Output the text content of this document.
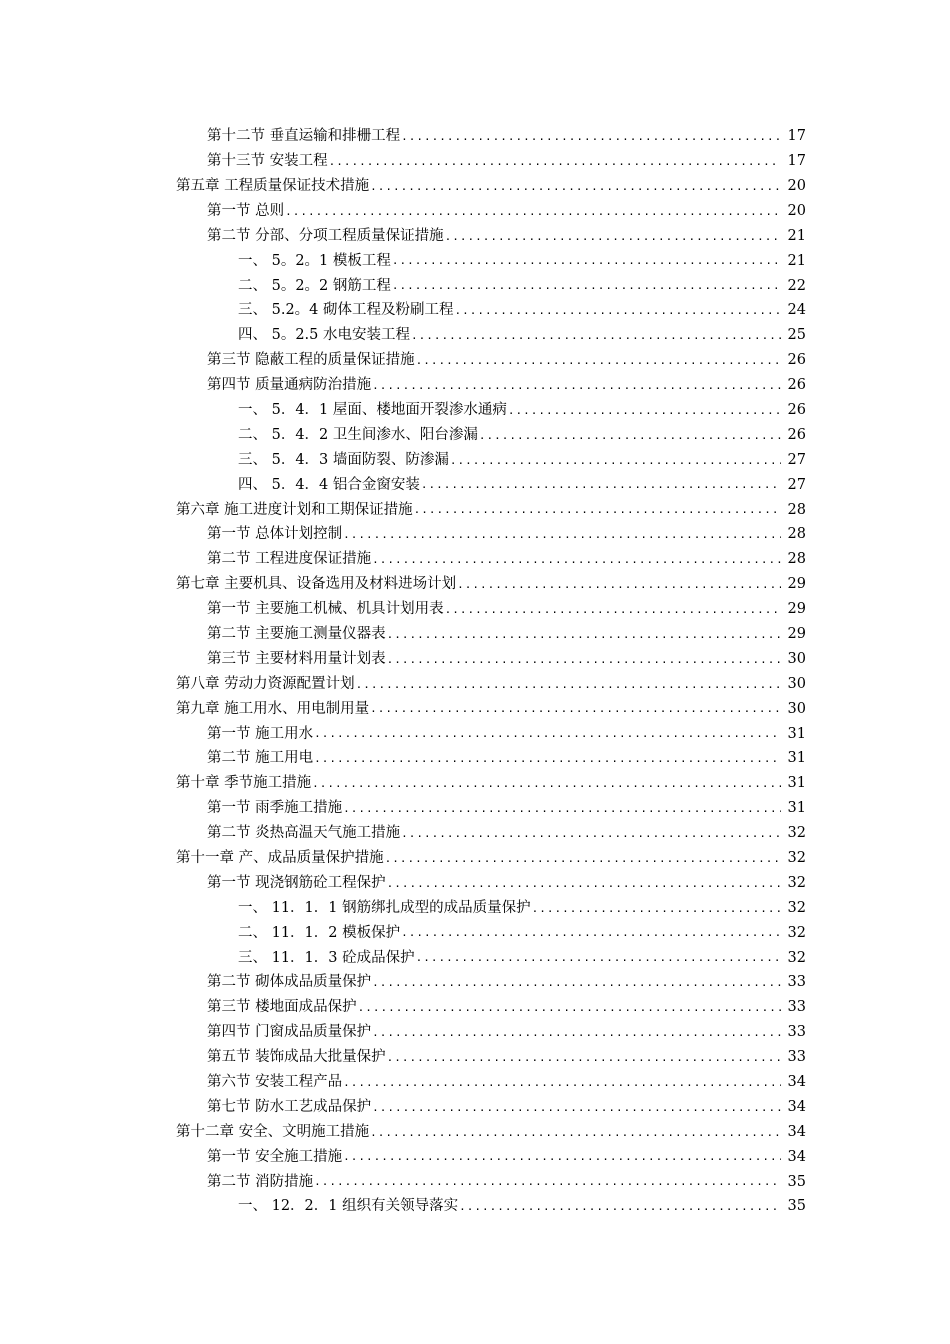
第十二节 垂直运输和排栅工程 .....	17
第十三节 安装工程 .....	17
第五章 工程质量保证技术措施 .....	20
第一节 总则 .....	20
第二节 分部、分项工程质量保证措施 .....	21
一、 5。2。1 模板工程 .....	21
二、 5。2。2 钢筋工程 .....	22
三、 5.2。4 砌体工程及粉刷工程 .....	24
四、 5。2.5 水电安装工程 .....	25
第三节 隐蔽工程的质量保证措施 .....	26
第四节 质量通病防治措施 .....	26
一、 5．4．1 屋面、楼地面开裂渗水通病 .....	26
二、 5．4．2 卫生间渗水、阳台渗漏 .....	26
三、 5．4．3 墙面防裂、防渗漏 .....	27
四、 5．4．4 铝合金窗安装 .....	27
第六章 施工进度计划和工期保证措施 .....	28
第一节 总体计划控制 .....	28
第二节 工程进度保证措施 .....	28
第七章 主要机具、设备选用及材料进场计划 .....	29
第一节 主要施工机械、机具计划用表 .....	29
第二节 主要施工测量仪器表 .....	29
第三节 主要材料用量计划表 .....	30
第八章 劳动力资源配置计划 .....	30
第九章 施工用水、用电制用量 .....	30
第一节 施工用水 .....	31
第二节 施工用电 .....	31
第十章 季节施工措施 .....	31
第一节 雨季施工措施 .....	31
第二节 炎热高温天气施工措施 .....	32
第十一章 产、成品质量保护措施 .....	32
第一节 现浇钢筋砼工程保护 .....	32
一、 11．1．1 钢筋绑扎成型的成品质量保护 .....	32
二、 11．1．2 模板保护 .....	32
三、 11．1．3 砼成品保护 .....	32
第二节 砌体成品质量保护 .....	33
第三节 楼地面成品保护 .....	33
第四节 门窗成品质量保护 .....	33
第五节 装饰成品大批量保护 .....	33
第六节 安装工程产品 .....	34
第七节 防水工艺成品保护 .....	34
第十二章 安全、文明施工措施 .....	34
第一节 安全施工措施 .....	34
第二节 消防措施 .....	35
一、 12．2．1 组织有关领导落实 .....	35
